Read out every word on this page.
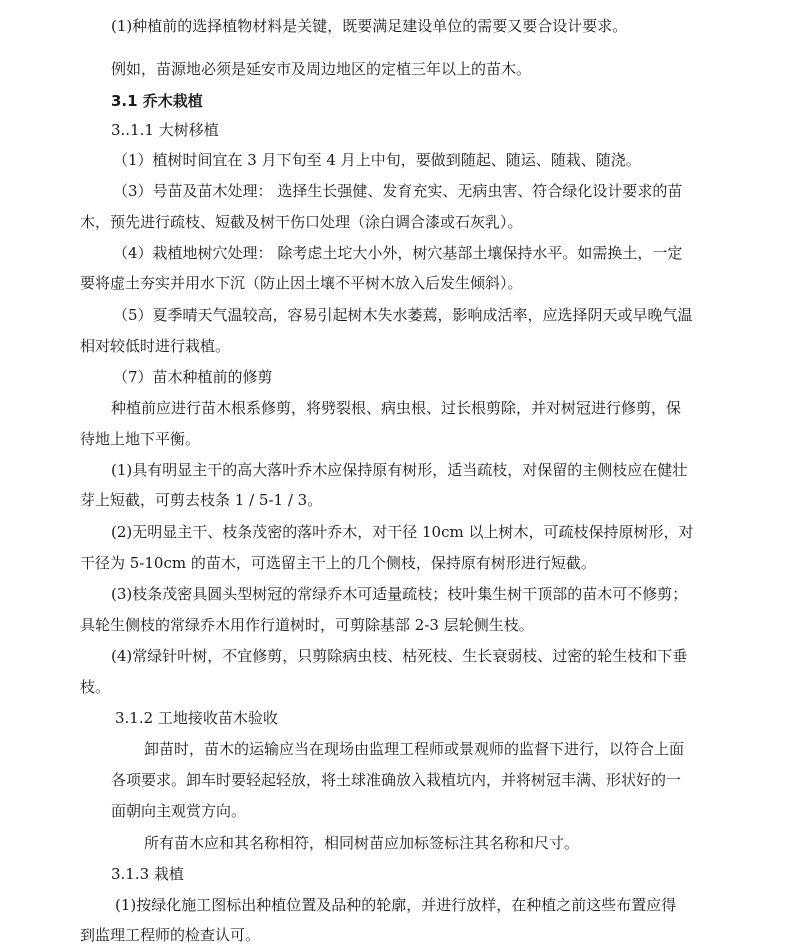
(1)种植前的选择植物材料是关键，既要满足建设单位的需要又要合设计要求。
例如，苗源地必须是延安市及周边地区的定植三年以上的苗木。
3.1 乔木栽植
3..1.1 大树移植
（1）植树时间宜在 3 月下旬至 4 月上中旬，要做到随起、随运、随栽、随浇。
（3）号苗及苗木处理： 选择生长强健、发育充实、无病虫害、符合绿化设计要求的苗
木，预先进行疏枝、短截及树干伤口处理（涂白调合漆或石灰乳）。
（4）栽植地树穴处理： 除考虑土坨大小外，树穴基部土壤保持水平。如需换土，一定
要将虚土夯实并用水下沉（防止因土壤不平树木放入后发生倾斜）。
（5）夏季晴天气温较高，容易引起树木失水萎蔫，影响成活率，应选择阴天或早晚气温
相对较低时进行栽植。
（7）苗木种植前的修剪
种植前应进行苗木根系修剪，将劈裂根、病虫根、过长根剪除，并对树冠进行修剪，保
待地上地下平衡。
(1)具有明显主干的高大落叶乔木应保持原有树形，适当疏枝，对保留的主侧枝应在健壮
芽上短截，可剪去枝条 1 / 5-1 / 3。
(2)无明显主干、枝条茂密的落叶乔木，对干径 10cm 以上树木，可疏枝保持原树形，对
干径为 5-10cm 的苗木，可选留主干上的几个侧枝，保持原有树形进行短截。
(3)枝条茂密具圆头型树冠的常绿乔木可适量疏枝；枝叶集生树干顶部的苗木可不修剪；
具轮生侧枝的常绿乔木用作行道树时，可剪除基部 2-3 层轮侧生枝。
(4)常绿针叶树，不宜修剪，只剪除病虫枝、枯死枝、生长衰弱枝、过密的轮生枝和下垂
枝。
3.1.2 工地接收苗木验收
卸苗时，苗木的运输应当在现场由监理工程师或景观师的监督下进行，以符合上面
各项要求。卸车时要轻起轻放，将土球准确放入栽植坑内，并将树冠丰满、形状好的一
面朝向主观赏方向。
所有苗木应和其名称相符，相同树苗应加标签标注其名称和尺寸。
3.1.3 栽植
(1)按绿化施工图标出种植位置及品种的轮廓，并进行放样，在种植之前这些布置应得
到监理工程师的检查认可。
